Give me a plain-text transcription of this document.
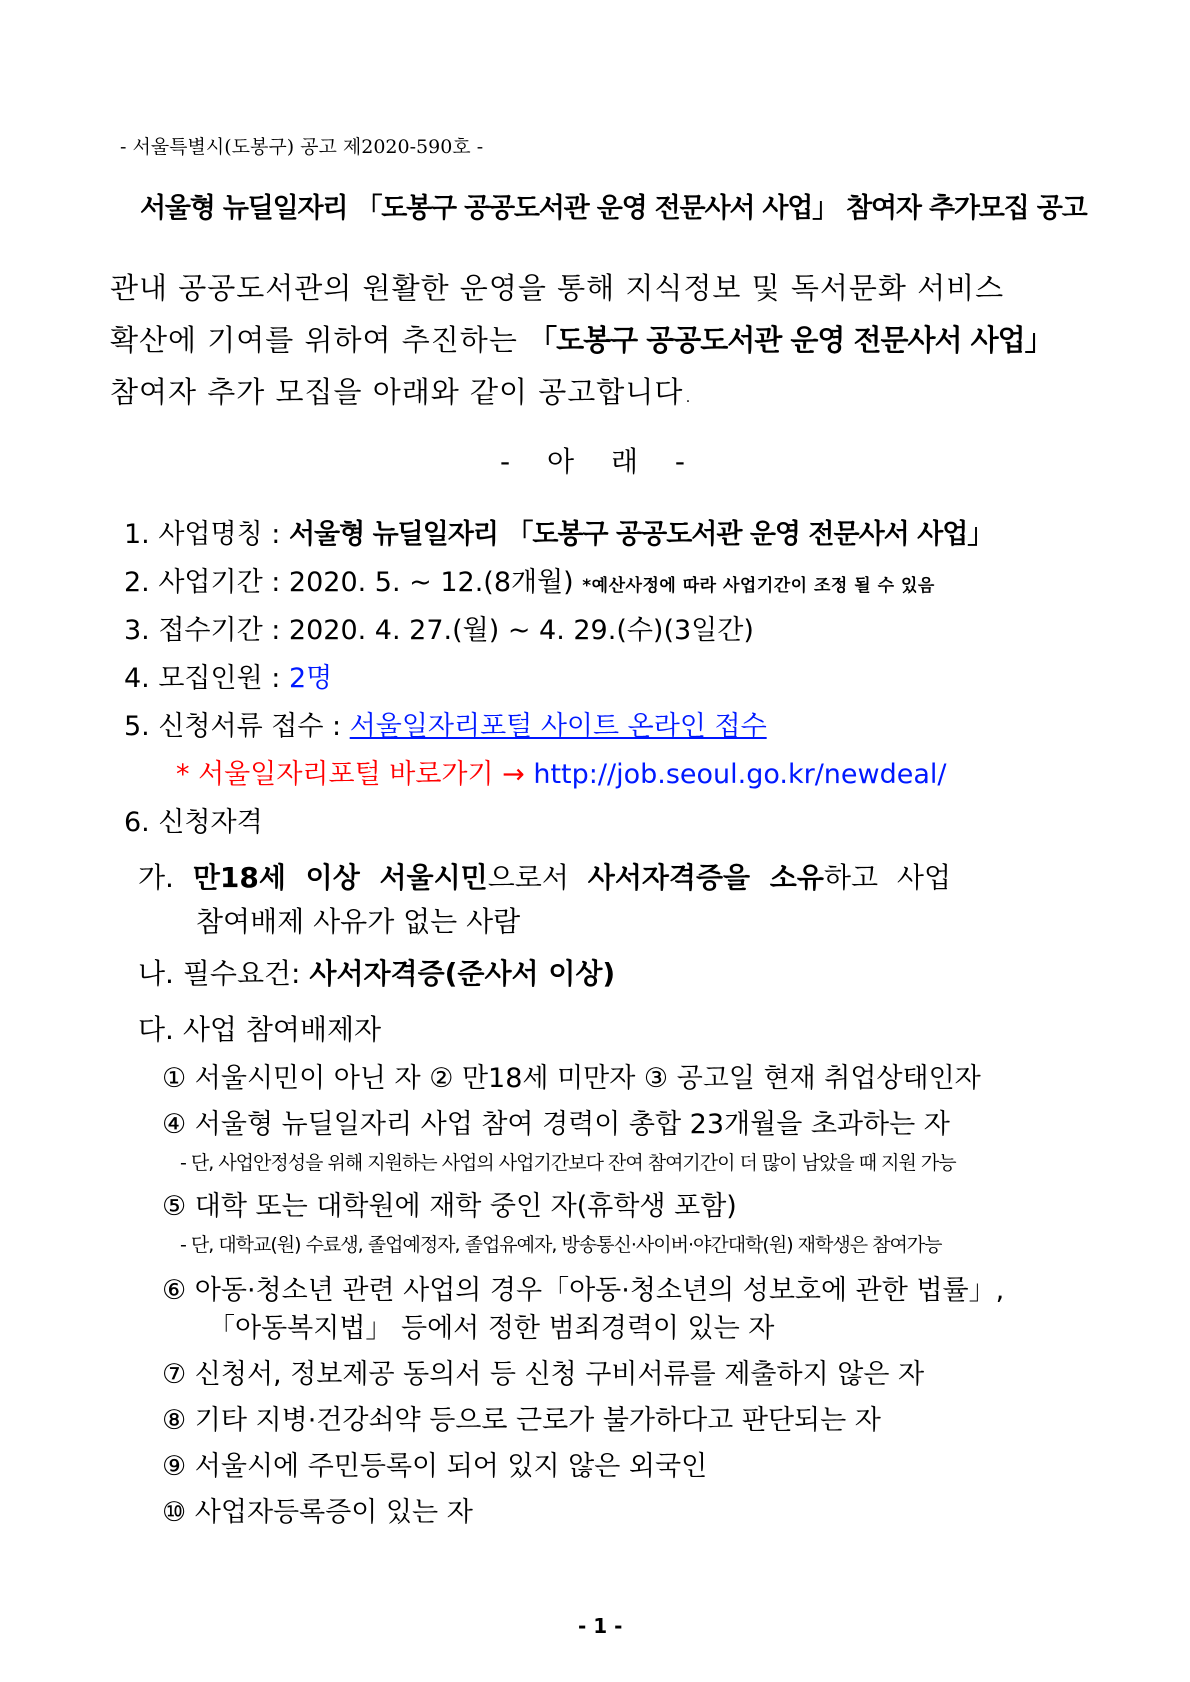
- 서울특별시(도봉구) 공고 제2020-590호 -
서울형 뉴딜일자리 「도봉구 공공도서관 운영 전문사서 사업」 참여자 추가모집 공고
관내 공공도서관의 원활한 운영을 통해 지식정보 및 독서문화 서비스
확산에 기여를 위하여 추진하는 「도봉구 공공도서관 운영 전문사서 사업」
참여자 추가 모집을 아래와 같이 공고합니다.
- 아 래 -
1. 사업명칭 : 서울형 뉴딜일자리 「도봉구 공공도서관 운영 전문사서 사업」
2. 사업기간 : 2020. 5. ~ 12.(8개월) *예산사정에 따라 사업기간이 조정 될 수 있음
3. 접수기간 : 2020. 4. 27.(월) ~ 4. 29.(수)(3일간)
4. 모집인원 : 2명
5. 신청서류 접수 : 서울일자리포털 사이트 온라인 접수
* 서울일자리포털 바로가기 → http://job.seoul.go.kr/newdeal/
6. 신청자격
가. 만18세 이상 서울시민으로서 사서자격증을 소유하고 사업
참여배제 사유가 없는 사람
나. 필수요건: 사서자격증(준사서 이상)
다. 사업 참여배제자
① 서울시민이 아닌 자 ② 만18세 미만자 ③ 공고일 현재 취업상태인자
④ 서울형 뉴딜일자리 사업 참여 경력이 총합 23개월을 초과하는 자
- 단, 사업안정성을 위해 지원하는 사업의 사업기간보다 잔여 참여기간이 더 많이 남았을 때 지원 가능
⑤ 대학 또는 대학원에 재학 중인 자(휴학생 포함)
- 단, 대학교(원) 수료생, 졸업예정자, 졸업유예자, 방송통신·사이버·야간대학(원) 재학생은 참여가능
⑥ 아동·청소년 관련 사업의 경우「아동·청소년의 성보호에 관한 법률」,
「아동복지법」 등에서 정한 범죄경력이 있는 자
⑦ 신청서, 정보제공 동의서 등 신청 구비서류를 제출하지 않은 자
⑧ 기타 지병·건강쇠약 등으로 근로가 불가하다고 판단되는 자
⑨ 서울시에 주민등록이 되어 있지 않은 외국인
⑩ 사업자등록증이 있는 자
- 1 -
